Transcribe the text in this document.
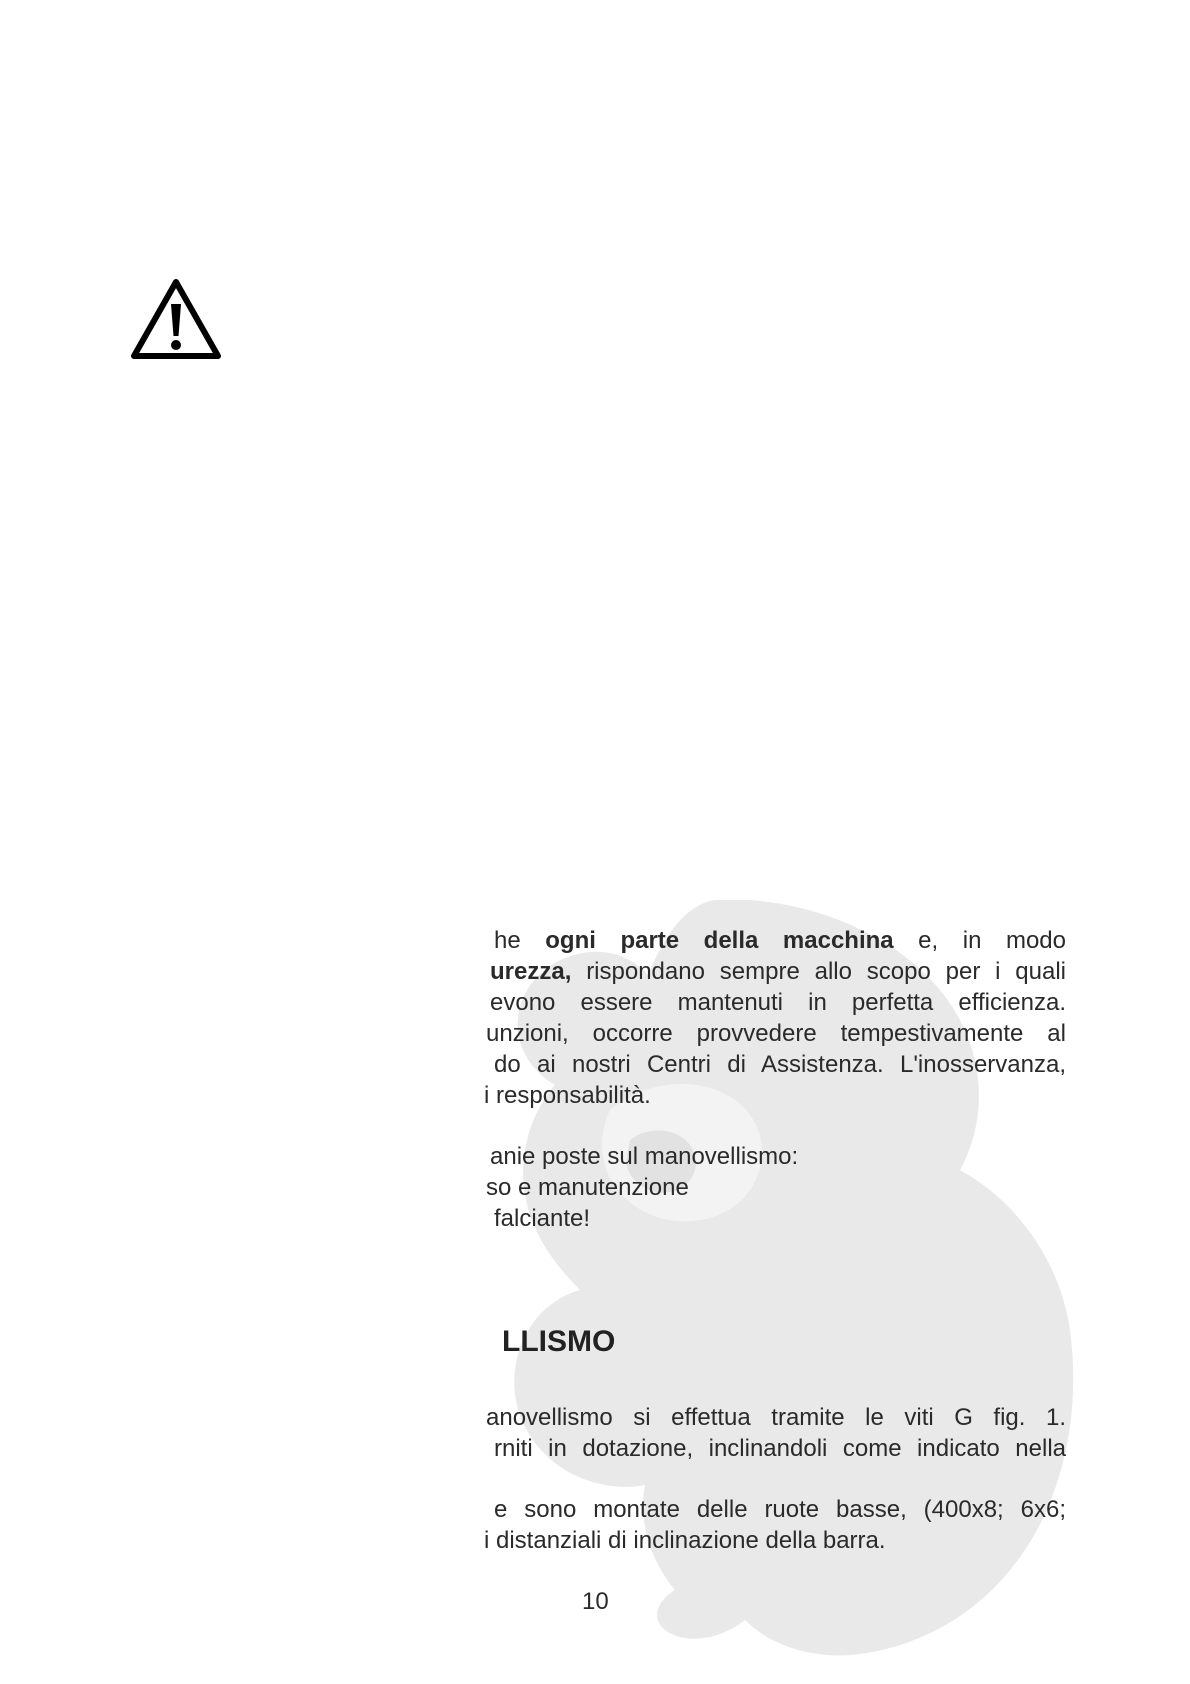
he ogni parte della macchina e, in modo
urezza, rispondano sempre allo scopo per i quali
evono essere mantenuti in perfetta efficienza.
unzioni, occorre provvedere tempestivamente al
do ai nostri Centri di Assistenza. L'inosservanza,
i responsabilità.
anie poste sul manovellismo:
so e manutenzione
falciante!
LLISMO
anovellismo si effettua tramite le viti G fig. 1.
rniti in dotazione, inclinandoli come indicato nella
e sono montate delle ruote basse, (400x8; 6x6;
i distanziali di inclinazione della barra.
10
